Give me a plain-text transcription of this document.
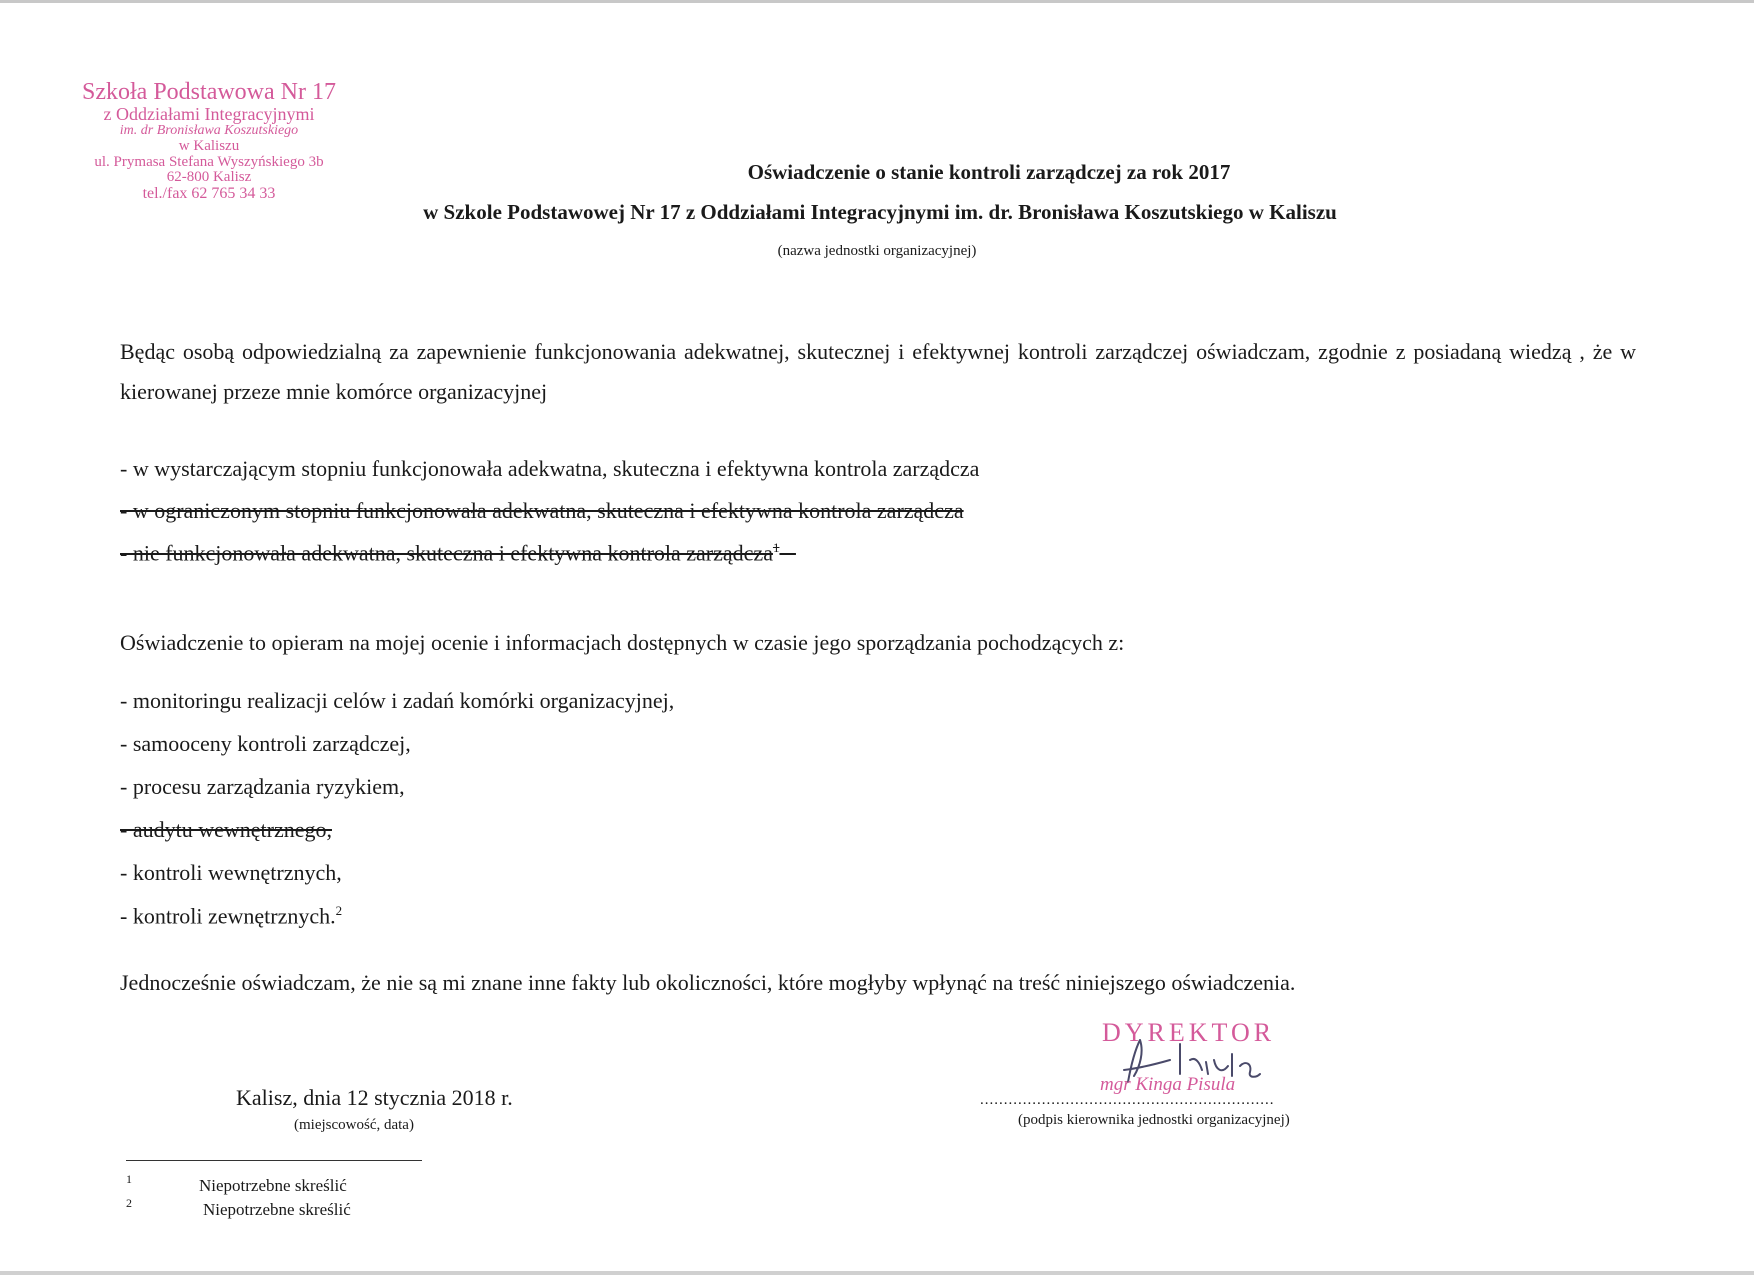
Szkoła Podstawowa Nr 17
z Oddziałami Integracyjnymi
im. dr Bronisława Koszutskiego
w Kaliszu
ul. Prymasa Stefana Wyszyńskiego 3b
62-800 Kalisz
tel./fax 62 765 34 33
Oświadczenie o stanie kontroli zarządczej za rok 2017
w Szkole Podstawowej Nr 17 z Oddziałami Integracyjnymi im. dr. Bronisława Koszutskiego w Kaliszu
(nazwa jednostki organizacyjnej)
Będąc osobą odpowiedzialną za zapewnienie funkcjonowania adekwatnej, skutecznej i efektywnej kontroli zarządczej oświadczam, zgodnie z posiadaną wiedzą , że w kierowanej przeze mnie komórce organizacyjnej
- w wystarczającym stopniu funkcjonowała adekwatna, skuteczna i efektywna kontrola zarządcza
- w ograniczonym stopniu funkcjonowała adekwatna, skuteczna i efektywna kontrola zarządcza
- nie funkcjonowała adekwatna, skuteczna i efektywna kontrola zarządcza$^1$
Oświadczenie to opieram na mojej ocenie i informacjach dostępnych w czasie jego sporządzania pochodzących z:
- monitoringu realizacji celów i zadań komórki organizacyjnej,
- samooceny kontroli zarządczej,
- procesu zarządzania ryzykiem,
- audytu wewnętrznego,
- kontroli wewnętrznych,
- kontroli zewnętrznych.$^2$
Jednocześnie oświadczam, że nie są mi znane inne fakty lub okoliczności, które mogłyby wpłynąć na treść niniejszego oświadczenia.
Kalisz, dnia 12 stycznia 2018 r.
(miejscowość, data)
DYREKTOR
mgr Kinga Pisula
..............................................................
(podpis kierownika jednostki organizacyjnej)
1	Niepotrzebne skreślić
2	Niepotrzebne skreślić
